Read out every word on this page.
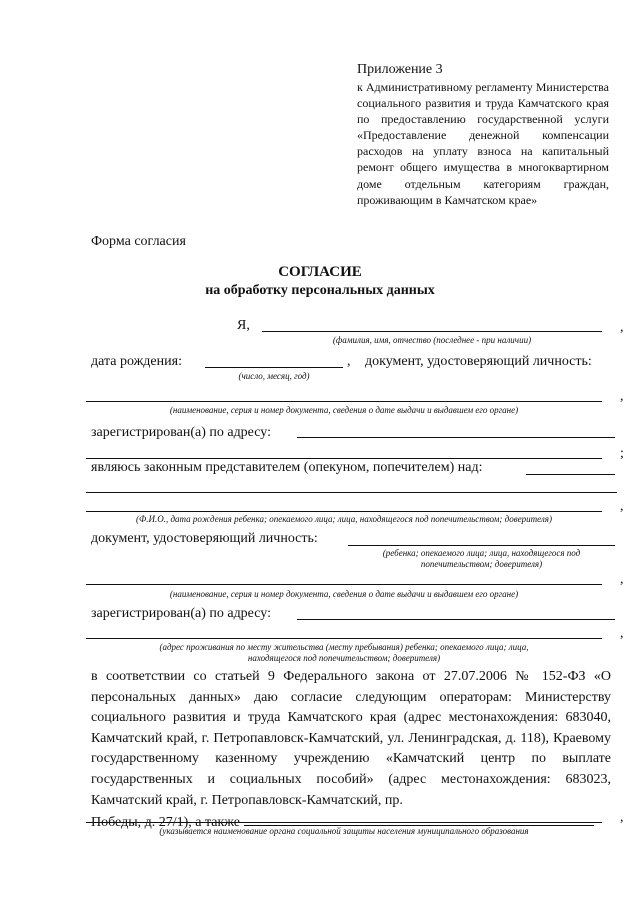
Приложение 3
к Административному регламенту Министерства социального развития и труда Камчатского края по предоставлению государственной услуги «Предоставление денежной компенсации расходов на уплату взноса на капитальный ремонт общего имущества в многоквартирном доме отдельным категориям граждан, проживающим в Камчатском крае»
Форма согласия
СОГЛАСИЕ
на обработку персональных данных
Я,	,
(фамилия, имя, отчество (последнее - при наличии)
дата рождения:	, документ, удостоверяющий личность:
(число, месяц, год)
,
(наименование, серия и номер документа, сведения о дате выдачи и выдавшем его органе)
зарегистрирован(а) по адресу:
;
являюсь законным представителем (опекуном, попечителем) над:
,
(Ф.И.О., дата рождения ребенка; опекаемого лица; лица, находящегося под попечительством; доверителя)
документ, удостоверяющий личность:
(ребенка; опекаемого лица; лица, находящегося под
попечительством; доверителя)
,
(наименование, серия и номер документа, сведения о дате выдачи и выдавшем его органе)
зарегистрирован(а) по адресу:
,
(адрес проживания по месту жительства (месту пребывания) ребенка; опекаемого лица; лица,
находящегося под попечительством; доверителя)
в соответствии со статьей 9 Федерального закона от 27.07.2006 № 152-ФЗ «О персональных данных» даю согласие следующим операторам: Министерству социального развития и труда Камчатского края (адрес местонахождения: 683040, Камчатский край, г. Петропавловск-Камчатский, ул. Ленинградская, д. 118), Краевому государственному казенному учреждению «Камчатский центр по выплате государственных и социальных пособий» (адрес местонахождения: 683023, Камчатский край, г. Петропавловск-Камчатский, пр.
Победы, д. 27/1), а также	,
(указывается наименование органа социальной защиты населения муниципального образования
